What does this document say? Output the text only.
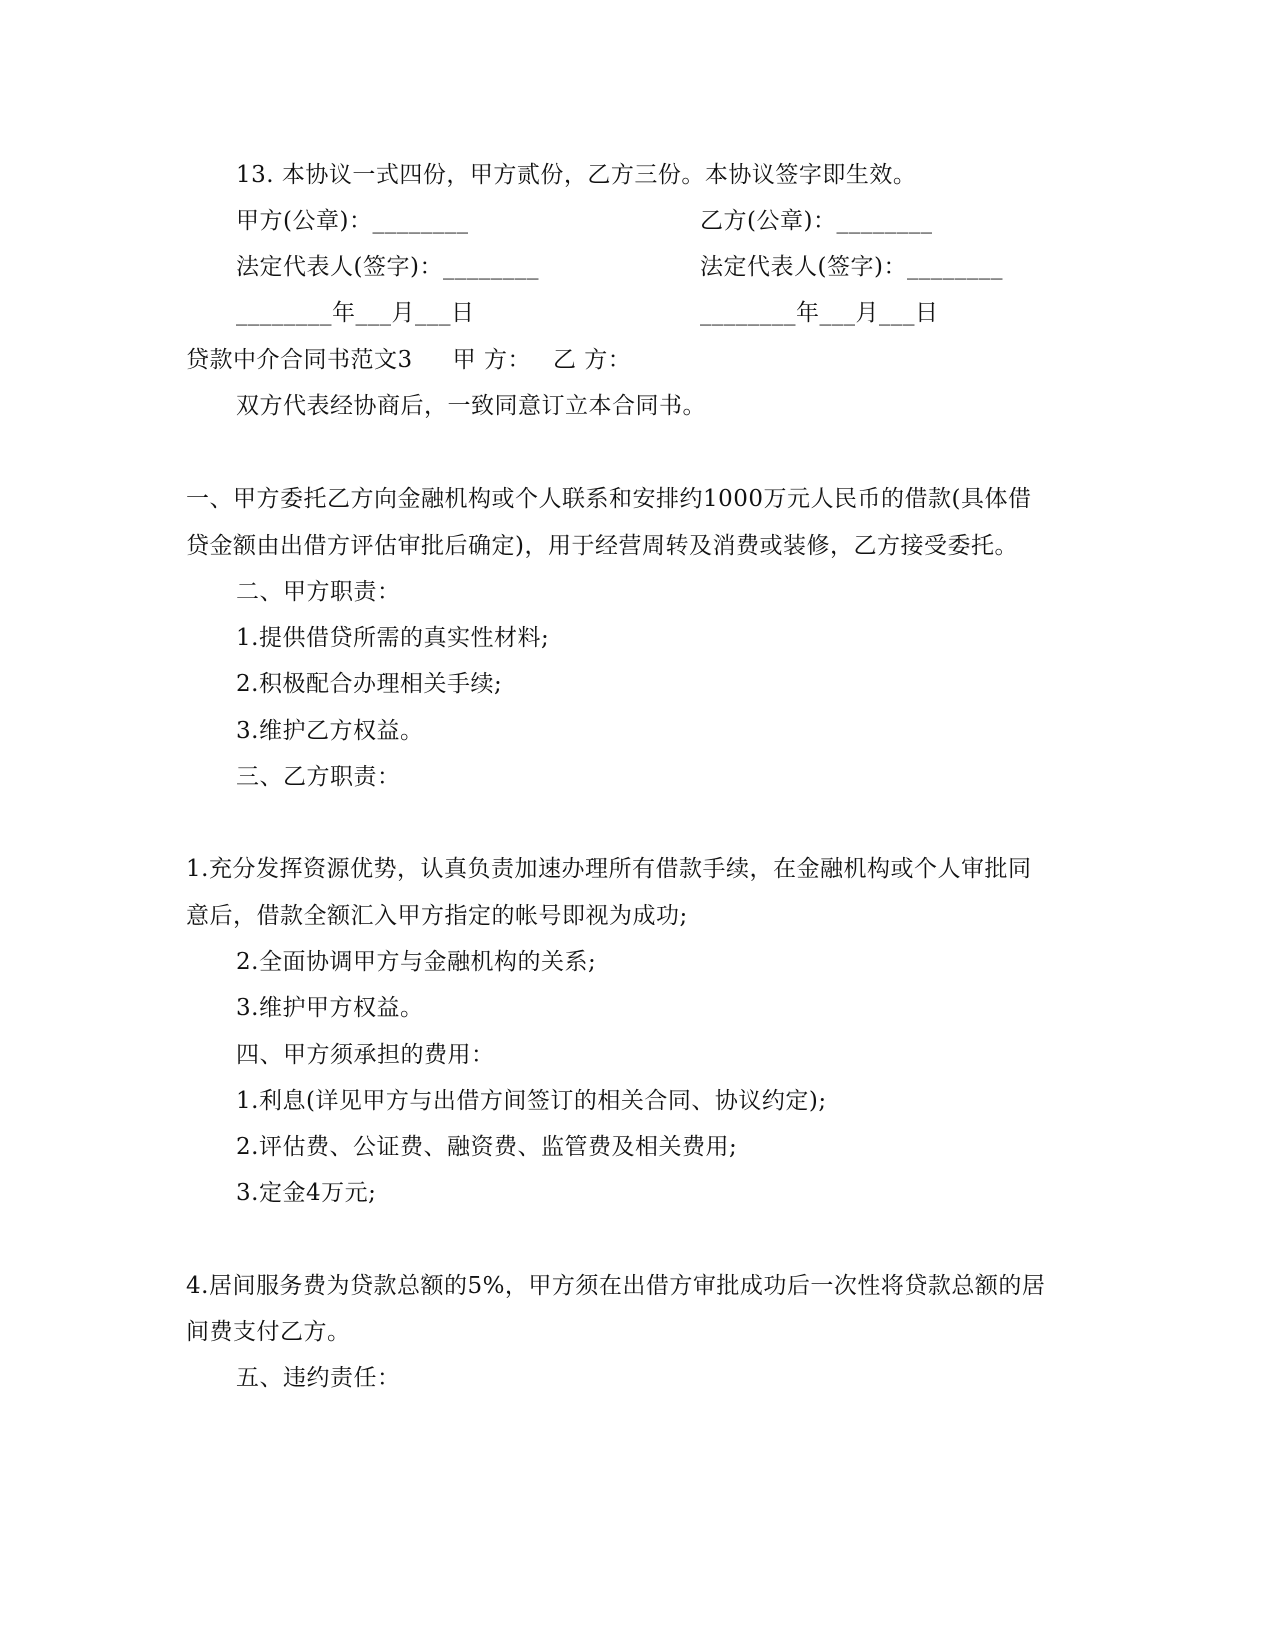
13. 本协议一式四份，甲方贰份，乙方三份。本协议签字即生效。
甲方(公章)：________	乙方(公章)：________
法定代表人(签字)：________	法定代表人(签字)：________
________年___月___日	________年___月___日
贷款中介合同书范文3 甲 方： 乙 方：
双方代表经协商后，一致同意订立本合同书。
一、甲方委托乙方向金融机构或个人联系和安排约1000万元人民币的借款(具体借
贷金额由出借方评估审批后确定)，用于经营周转及消费或装修，乙方接受委托。
二、甲方职责：
1.提供借贷所需的真实性材料;
2.积极配合办理相关手续;
3.维护乙方权益。
三、乙方职责：
1.充分发挥资源优势，认真负责加速办理所有借款手续，在金融机构或个人审批同
意后，借款全额汇入甲方指定的帐号即视为成功;
2.全面协调甲方与金融机构的关系;
3.维护甲方权益。
四、甲方须承担的费用：
1.利息(详见甲方与出借方间签订的相关合同、协议约定);
2.评估费、公证费、融资费、监管费及相关费用;
3.定金4万元;
4.居间服务费为贷款总额的5%，甲方须在出借方审批成功后一次性将贷款总额的居
间费支付乙方。
五、违约责任：
